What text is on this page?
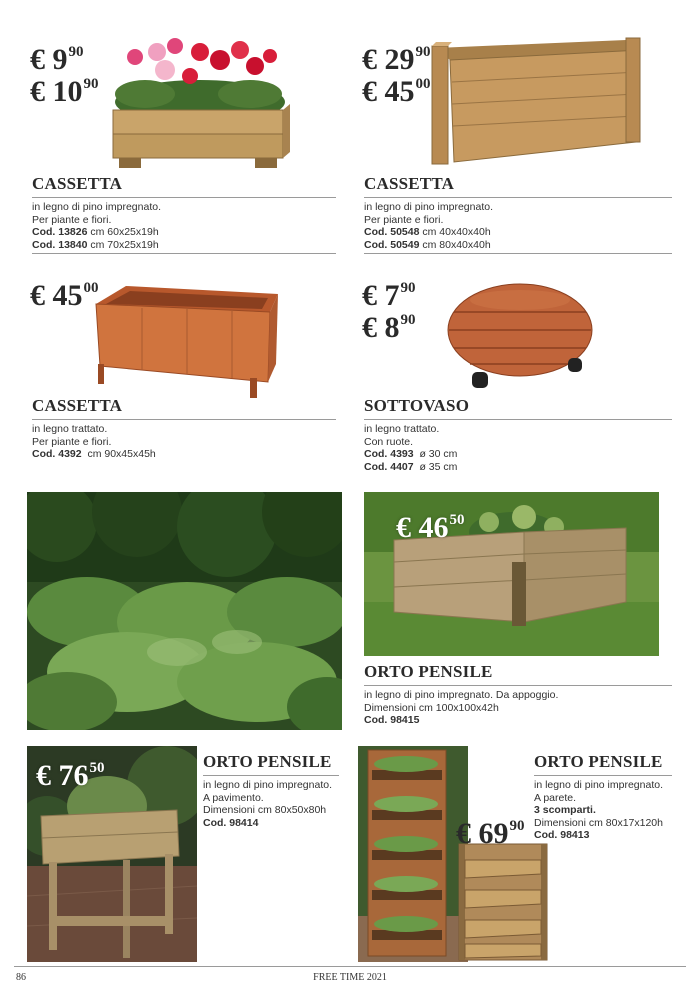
€ $9^{90}$
€ $10^{90}$
CASSETTA
in legno di pino impregnato.
Per piante e fiori.
Cod. 13826 cm 60x25x19h
Cod. 13840 cm 70x25x19h
€ $29^{90}$
€ $45^{00}$
CASSETTA
in legno di pino impregnato.
Per piante e fiori.
Cod. 50548 cm 40x40x40h
Cod. 50549 cm 80x40x40h
€ $45^{00}$
CASSETTA
in legno trattato.
Per piante e fiori.
Cod. 4392 cm 90x45x45h
€ $7^{90}$
€ $8^{90}$
SOTTOVASO
in legno trattato.
Con ruote.
Cod. 4393 ø 30 cm
Cod. 4407 ø 35 cm
€ $46^{50}$
ORTO PENSILE
in legno di pino impregnato. Da appoggio.
Dimensioni cm 100x100x42h
Cod. 98415
€ $76^{50}$	ORTO PENSILE
in legno di pino impregnato.
A pavimento.
Dimensioni cm 80x50x80h
Cod. 98414	€ $69^{90}$
ORTO PENSILE
in legno di pino impregnato.
A parete.
3 scomparti.
Dimensioni cm 80x17x120h
Cod. 98413
86	FREE TIME 2021
